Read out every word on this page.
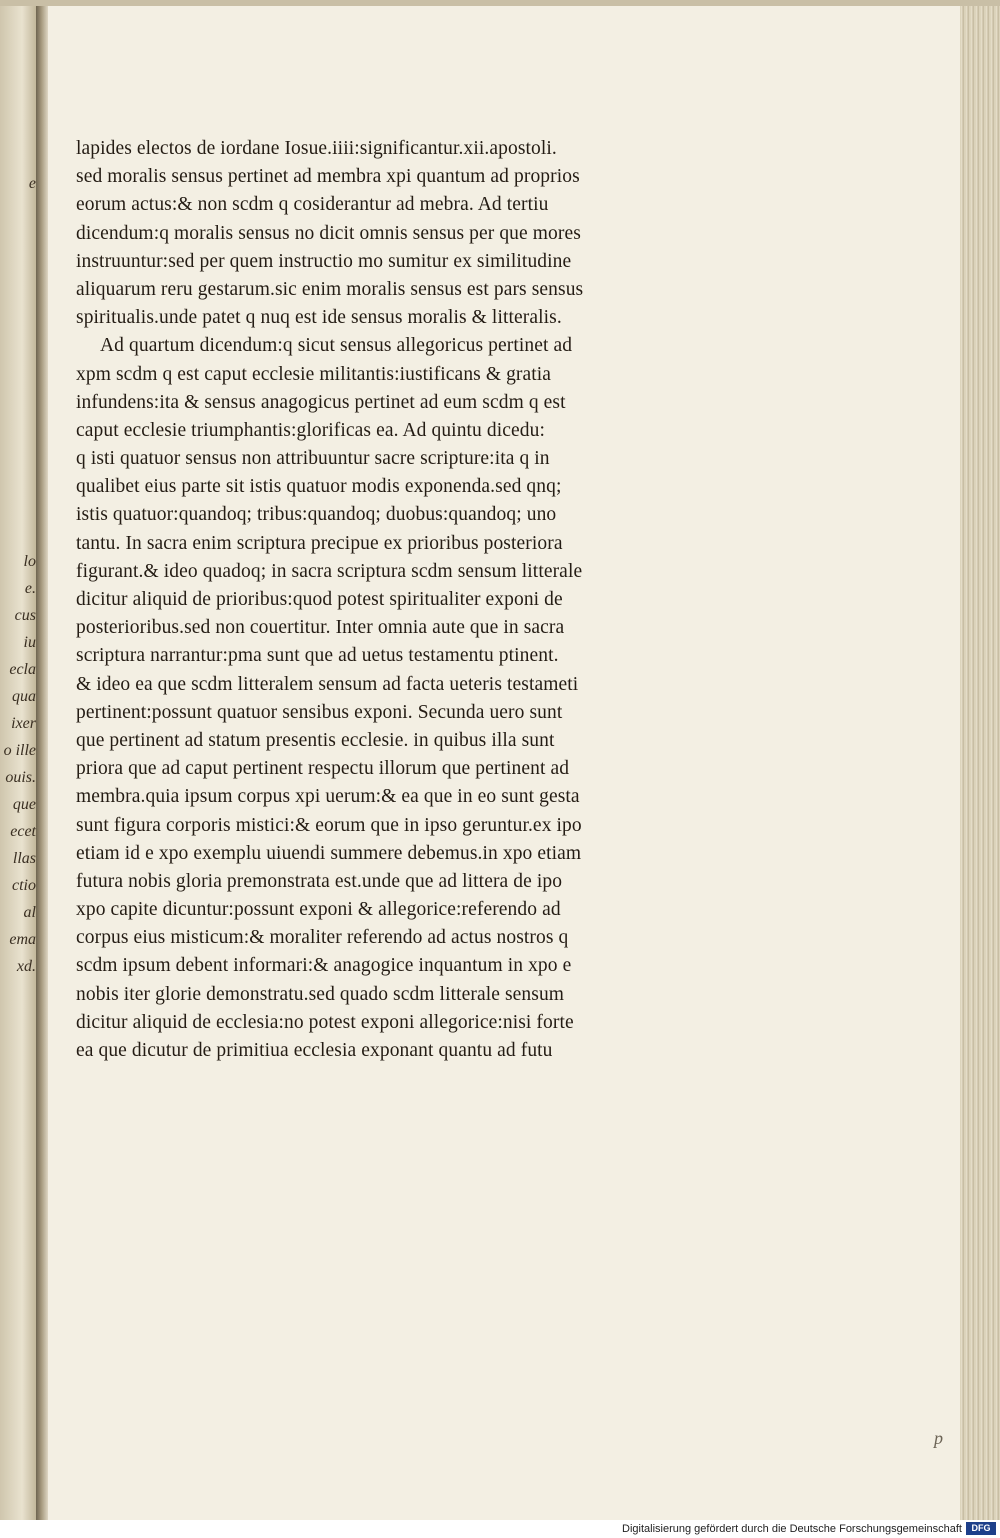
e
lo
e.
cus
iu
ecla
qua
ixer
o ille
ouis.
que
ecet
llas
ctio
al
ema
xd.
lapides electos de iordane Iosue.iiii:significantur.xii.apostoli.
sed moralis sensus pertinet ad membra xpi quantum ad proprios
eorum actus:& non scdm q cosiderantur ad mebra. Ad tertiu
dicendum:q moralis sensus no dicit omnis sensus per que mores
instruuntur:sed per quem instructio mo sumitur ex similitudine
aliquarum reru gestarum.sic enim moralis sensus est pars sensus
spiritualis.unde patet q nuq est ide sensus moralis & litteralis.
Ad quartum dicendum:q sicut sensus allegoricus pertinet ad
xpm scdm q est caput ecclesie militantis:iustificans & gratia
infundens:ita & sensus anagogicus pertinet ad eum scdm q est
caput ecclesie triumphantis:glorificas ea. Ad quintu dicedu:
q isti quatuor sensus non attribuuntur sacre scripture:ita q in
qualibet eius parte sit istis quatuor modis exponenda.sed qnq;
istis quatuor:quandoq; tribus:quandoq; duobus:quandoq; uno
tantu. In sacra enim scriptura precipue ex prioribus posteriora
figurant.& ideo quadoq; in sacra scriptura scdm sensum litterale
dicitur aliquid de prioribus:quod potest spiritualiter exponi de
posterioribus.sed non couertitur. Inter omnia aute que in sacra
scriptura narrantur:pma sunt que ad uetus testamentu ptinent.
& ideo ea que scdm litteralem sensum ad facta ueteris testameti
pertinent:possunt quatuor sensibus exponi. Secunda uero sunt
que pertinent ad statum presentis ecclesie. in quibus illa sunt
priora que ad caput pertinent respectu illorum que pertinent ad
membra.quia ipsum corpus xpi uerum:& ea que in eo sunt gesta
sunt figura corporis mistici:& eorum que in ipso geruntur.ex ipo
etiam id e xpo exemplu uiuendi summere debemus.in xpo etiam
futura nobis gloria premonstrata est.unde que ad littera de ipo
xpo capite dicuntur:possunt exponi & allegorice:referendo ad
corpus eius misticum:& moraliter referendo ad actus nostros q
scdm ipsum debent informari:& anagogice inquantum in xpo e
nobis iter glorie demonstratu.sed quado scdm litterale sensum
dicitur aliquid de ecclesia:no potest exponi allegorice:nisi forte
ea que dicutur de primitiua ecclesia exponant quantu ad futu
p
Digitalisierung gefördert durch die Deutsche Forschungsgemeinschaft	DFG
